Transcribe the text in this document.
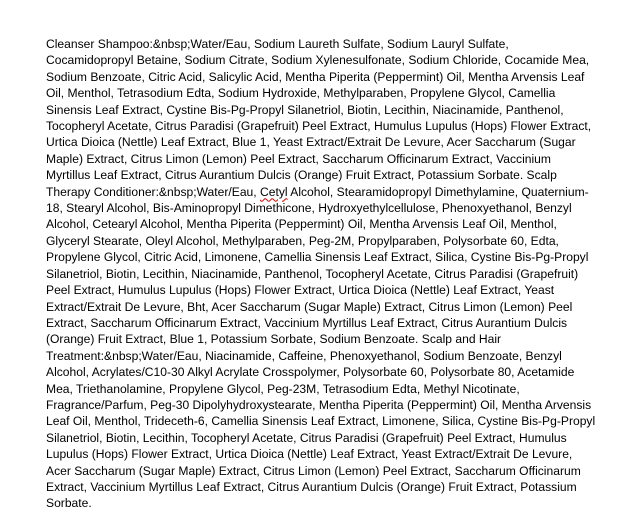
Cleanser Shampoo:&nbsp;Water/Eau, Sodium Laureth Sulfate, Sodium Lauryl Sulfate, Cocamidopropyl Betaine, Sodium Citrate, Sodium Xylenesulfonate, Sodium Chloride, Cocamide Mea, Sodium Benzoate, Citric Acid, Salicylic Acid, Mentha Piperita (Peppermint) Oil, Mentha Arvensis Leaf Oil, Menthol, Tetrasodium Edta, Sodium Hydroxide, Methylparaben, Propylene Glycol, Camellia Sinensis Leaf Extract, Cystine Bis-Pg-Propyl Silanetriol, Biotin, Lecithin, Niacinamide, Panthenol, Tocopheryl Acetate, Citrus Paradisi (Grapefruit) Peel Extract, Humulus Lupulus (Hops) Flower Extract, Urtica Dioica (Nettle) Leaf Extract, Blue 1, Yeast Extract/Extrait De Levure, Acer Saccharum (Sugar Maple) Extract, Citrus Limon (Lemon) Peel Extract, Saccharum Officinarum Extract, Vaccinium Myrtillus Leaf Extract, Citrus Aurantium Dulcis (Orange) Fruit Extract, Potassium Sorbate. Scalp Therapy Conditioner:&nbsp;Water/Eau, Cetyl Alcohol, Stearamidopropyl Dimethylamine, Quaternium-18, Stearyl Alcohol, Bis-Aminopropyl Dimethicone, Hydroxyethylcellulose, Phenoxyethanol, Benzyl Alcohol, Cetearyl Alcohol, Mentha Piperita (Peppermint) Oil, Mentha Arvensis Leaf Oil, Menthol, Glyceryl Stearate, Oleyl Alcohol, Methylparaben, Peg-2M, Propylparaben, Polysorbate 60, Edta, Propylene Glycol, Citric Acid, Limonene, Camellia Sinensis Leaf Extract, Silica, Cystine Bis-Pg-Propyl Silanetriol, Biotin, Lecithin, Niacinamide, Panthenol, Tocopheryl Acetate, Citrus Paradisi (Grapefruit) Peel Extract, Humulus Lupulus (Hops) Flower Extract, Urtica Dioica (Nettle) Leaf Extract, Yeast Extract/Extrait De Levure, Bht, Acer Saccharum (Sugar Maple) Extract, Citrus Limon (Lemon) Peel Extract, Saccharum Officinarum Extract, Vaccinium Myrtillus Leaf Extract, Citrus Aurantium Dulcis (Orange) Fruit Extract, Blue 1, Potassium Sorbate, Sodium Benzoate. Scalp and Hair Treatment:&nbsp;Water/Eau, Niacinamide, Caffeine, Phenoxyethanol, Sodium Benzoate, Benzyl Alcohol, Acrylates/C10-30 Alkyl Acrylate Crosspolymer, Polysorbate 60, Polysorbate 80, Acetamide Mea, Triethanolamine, Propylene Glycol, Peg-23M, Tetrasodium Edta, Methyl Nicotinate, Fragrance/Parfum, Peg-30 Dipolyhydroxystearate, Mentha Piperita (Peppermint) Oil, Mentha Arvensis Leaf Oil, Menthol, Trideceth-6, Camellia Sinensis Leaf Extract, Limonene, Silica, Cystine Bis-Pg-Propyl Silanetriol, Biotin, Lecithin, Tocopheryl Acetate, Citrus Paradisi (Grapefruit) Peel Extract, Humulus Lupulus (Hops) Flower Extract, Urtica Dioica (Nettle) Leaf Extract, Yeast Extract/Extrait De Levure, Acer Saccharum (Sugar Maple) Extract, Citrus Limon (Lemon) Peel Extract, Saccharum Officinarum Extract, Vaccinium Myrtillus Leaf Extract, Citrus Aurantium Dulcis (Orange) Fruit Extract, Potassium Sorbate.
